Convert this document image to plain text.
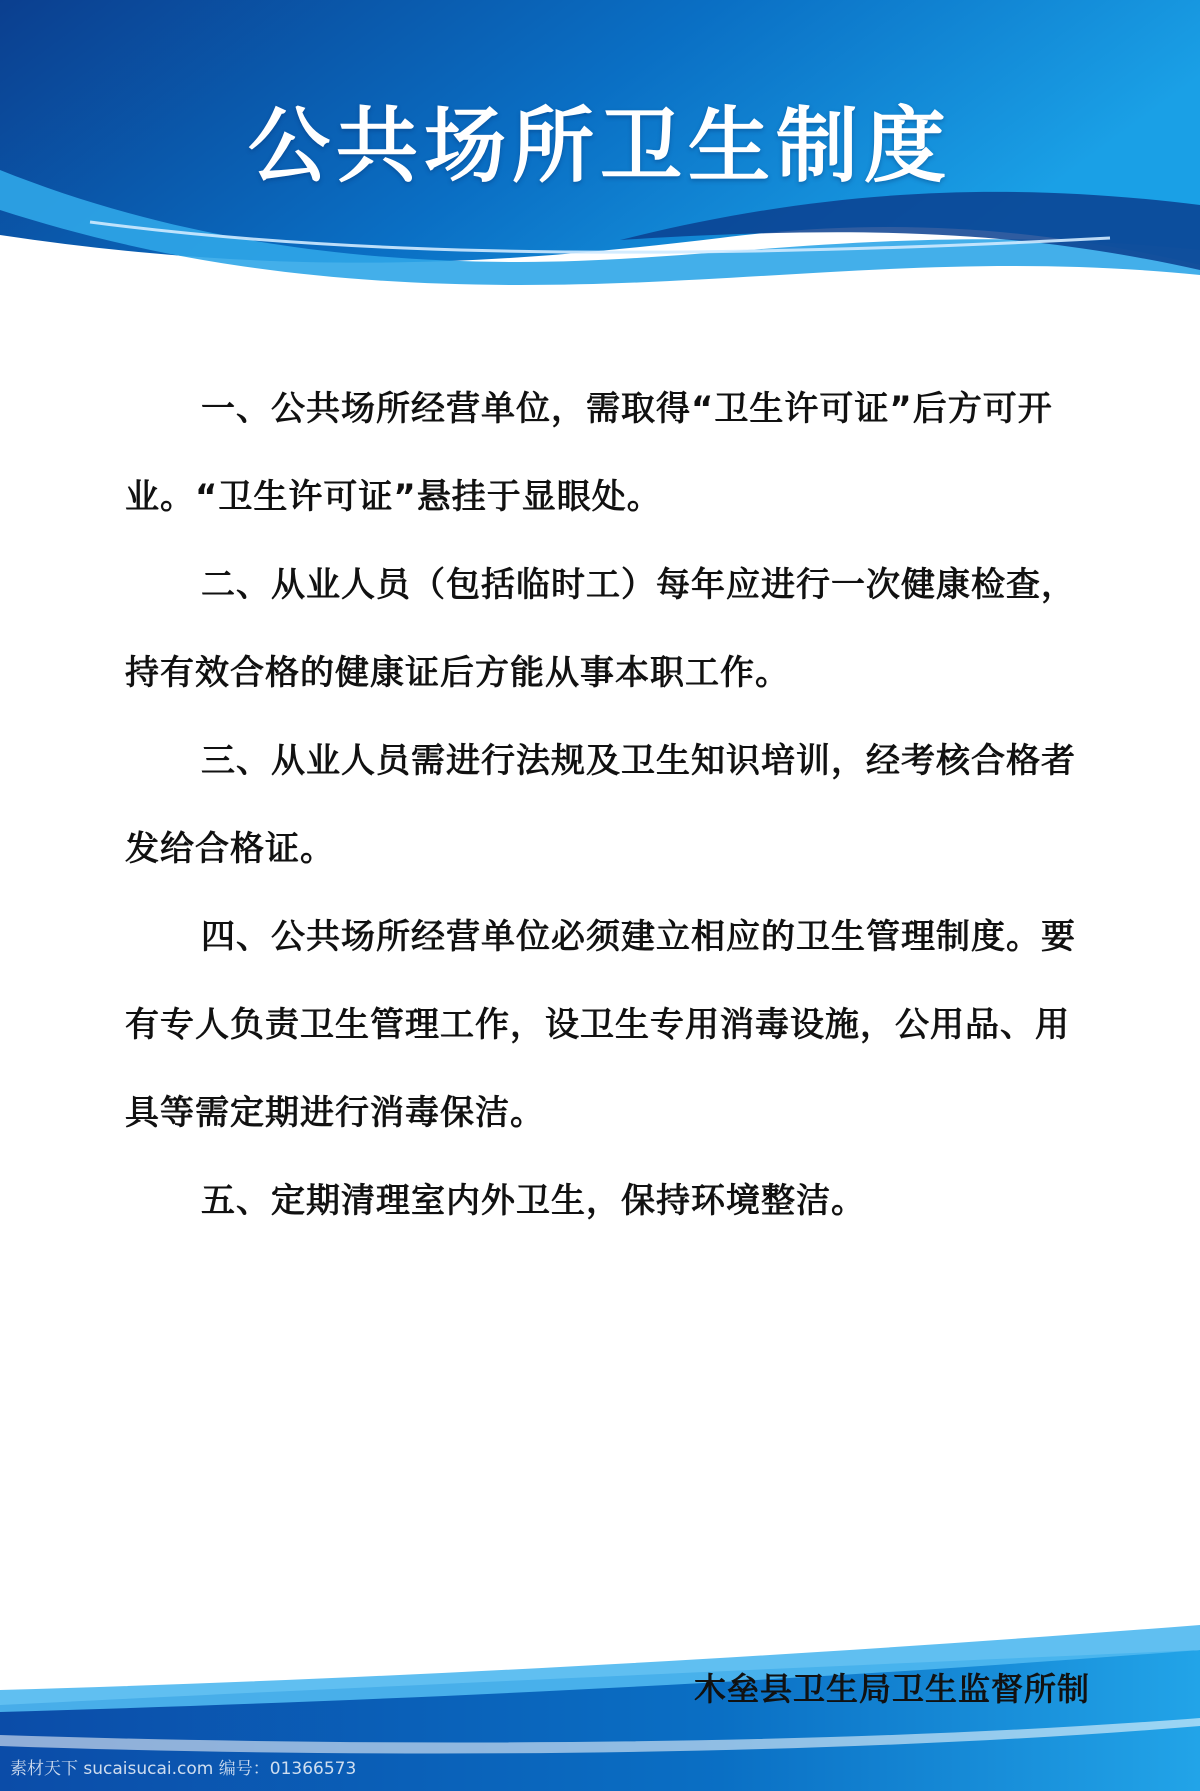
公共场所卫生制度

一、公共场所经营单位，需取得“卫生许可证”后方可开业。“卫生许可证”悬挂于显眼处。

二、从业人员（包括临时工）每年应进行一次健康检查，持有效合格的健康证后方能从事本职工作。

三、从业人员需进行法规及卫生知识培训，经考核合格者发给合格证。

四、公共场所经营单位必须建立相应的卫生管理制度。要有专人负责卫生管理工作，设卫生专用消毒设施，公用品、用具等需定期进行消毒保洁。

五、定期清理室内外卫生，保持环境整洁。

木垒县卫生局卫生监督所制
素材天下 sucaisucai.com 编号：01366573
